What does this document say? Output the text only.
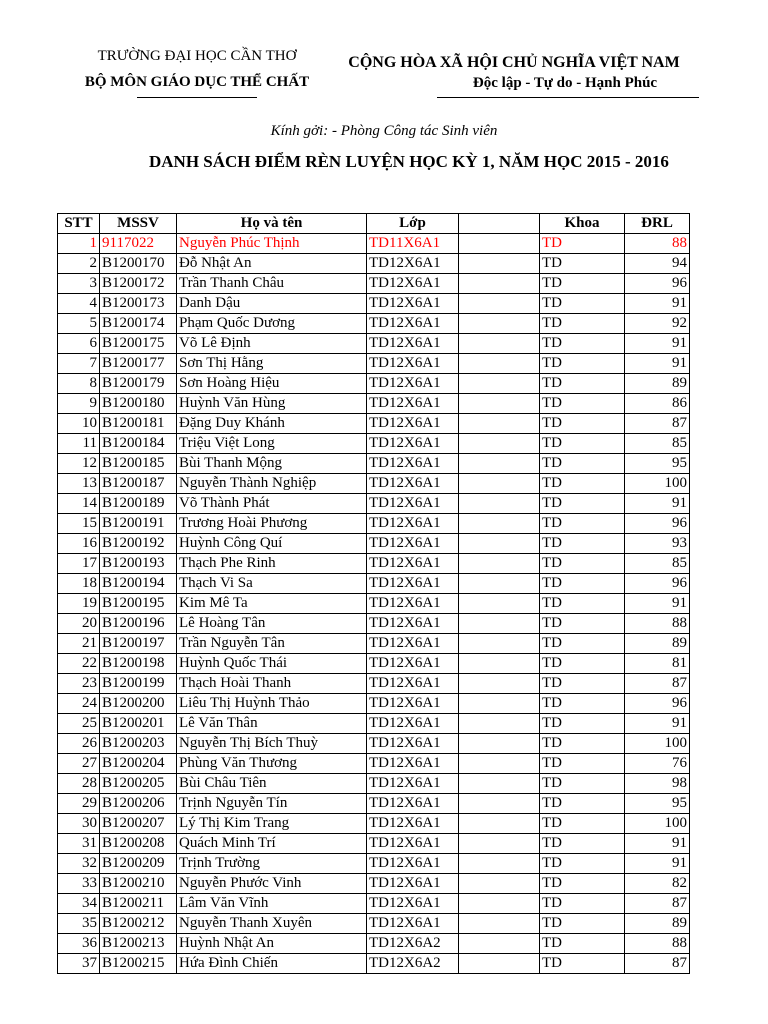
TRƯỜNG ĐẠI HỌC CẦN THƠ
BỘ MÔN GIÁO DỤC THỂ CHẤT
CỘNG HÒA XÃ HỘI CHỦ NGHĨA VIỆT NAM
Độc lập - Tự do - Hạnh Phúc
Kính gởi: - Phòng Công tác Sinh viên
DANH SÁCH ĐIỂM RÈN LUYỆN HỌC KỲ 1, NĂM HỌC 2015 - 2016
STT	MSSV	Họ và tên	Lớp		Khoa	ĐRL
1	9117022	Nguyễn Phúc Thịnh	TD11X6A1		TD	88
2	B1200170	Đỗ Nhật An	TD12X6A1		TD	94
3	B1200172	Trần Thanh Châu	TD12X6A1		TD	96
4	B1200173	Danh Dậu	TD12X6A1		TD	91
5	B1200174	Phạm Quốc Dương	TD12X6A1		TD	92
6	B1200175	Võ Lê Định	TD12X6A1		TD	91
7	B1200177	Sơn Thị Hằng	TD12X6A1		TD	91
8	B1200179	Sơn Hoàng Hiệu	TD12X6A1		TD	89
9	B1200180	Huỳnh Văn Hùng	TD12X6A1		TD	86
10	B1200181	Đặng Duy Khánh	TD12X6A1		TD	87
11	B1200184	Triệu Việt Long	TD12X6A1		TD	85
12	B1200185	Bùi Thanh Mộng	TD12X6A1		TD	95
13	B1200187	Nguyễn Thành Nghiệp	TD12X6A1		TD	100
14	B1200189	Võ Thành Phát	TD12X6A1		TD	91
15	B1200191	Trương Hoài Phương	TD12X6A1		TD	96
16	B1200192	Huỳnh Công Quí	TD12X6A1		TD	93
17	B1200193	Thạch Phe Rinh	TD12X6A1		TD	85
18	B1200194	Thạch Vi Sa	TD12X6A1		TD	96
19	B1200195	Kim Mê Ta	TD12X6A1		TD	91
20	B1200196	Lê Hoàng Tân	TD12X6A1		TD	88
21	B1200197	Trần Nguyễn Tân	TD12X6A1		TD	89
22	B1200198	Huỳnh Quốc Thái	TD12X6A1		TD	81
23	B1200199	Thạch Hoài Thanh	TD12X6A1		TD	87
24	B1200200	Liêu Thị Huỳnh Thảo	TD12X6A1		TD	96
25	B1200201	Lê Văn Thân	TD12X6A1		TD	91
26	B1200203	Nguyễn Thị Bích Thuỳ	TD12X6A1		TD	100
27	B1200204	Phùng Văn Thương	TD12X6A1		TD	76
28	B1200205	Bùi Châu Tiên	TD12X6A1		TD	98
29	B1200206	Trịnh Nguyễn Tín	TD12X6A1		TD	95
30	B1200207	Lý Thị Kim Trang	TD12X6A1		TD	100
31	B1200208	Quách Minh Trí	TD12X6A1		TD	91
32	B1200209	Trịnh Trường	TD12X6A1		TD	91
33	B1200210	Nguyễn Phước Vinh	TD12X6A1		TD	82
34	B1200211	Lâm Văn Vĩnh	TD12X6A1		TD	87
35	B1200212	Nguyễn Thanh Xuyên	TD12X6A1		TD	89
36	B1200213	Huỳnh Nhật An	TD12X6A2		TD	88
37	B1200215	Hứa Đình Chiến	TD12X6A2		TD	87
